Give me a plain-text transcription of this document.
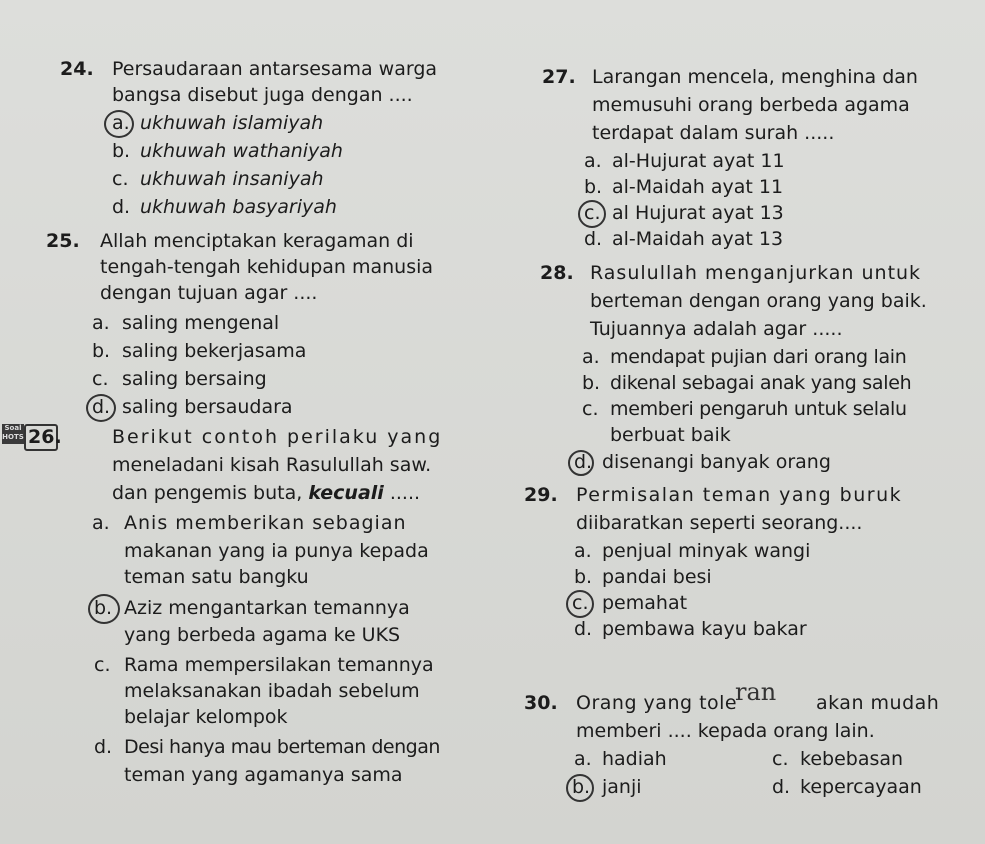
24. Persaudaraan antarsesama warga
bangsa disebut juga dengan ....
a. ukhuwah islamiyah
b. ukhuwah wathaniyah
c. ukhuwah insaniyah
d. ukhuwah basyariyah
25. Allah menciptakan keragaman di
tengah-tengah kehidupan manusia
dengan tujuan agar ....
a. saling mengenal
b. saling bekerjasama
c. saling bersaing
d. saling bersaudara
Soal HOTS 26.	Berikut contoh perilaku yang
meneladani kisah Rasulullah saw.
dan pengemis buta, kecuali .....
a. Anis memberikan sebagian
makanan yang ia punya kepada
teman satu bangku
b. Aziz mengantarkan temannya
yang berbeda agama ke UKS
c. Rama mempersilakan temannya
melaksanakan ibadah sebelum
belajar kelompok
d. Desi hanya mau berteman dengan
teman yang agamanya sama
27. Larangan mencela, menghina dan
memusuhi orang berbeda agama
terdapat dalam surah .....
a. al-Hujurat ayat 11
b. al-Maidah ayat 11
c. al Hujurat ayat 13
d. al-Maidah ayat 13
28. Rasulullah menganjurkan untuk
berteman dengan orang yang baik.
Tujuannya adalah agar .....
a. mendapat pujian dari orang lain
b. dikenal sebagai anak yang saleh
c. memberi pengaruh untuk selalu
berbuat baik
d. disenangi banyak orang
29. Permisalan teman yang buruk
diibaratkan seperti seorang....
a. penjual minyak wangi
b. pandai besi
c. pemahat
d. pembawa kayu bakar
30. Orang yang tole	akan mudah
memberi .... kepada orang lain.
a. hadiah	c. kebebasan
b. janji	d. kepercayaan
ran
